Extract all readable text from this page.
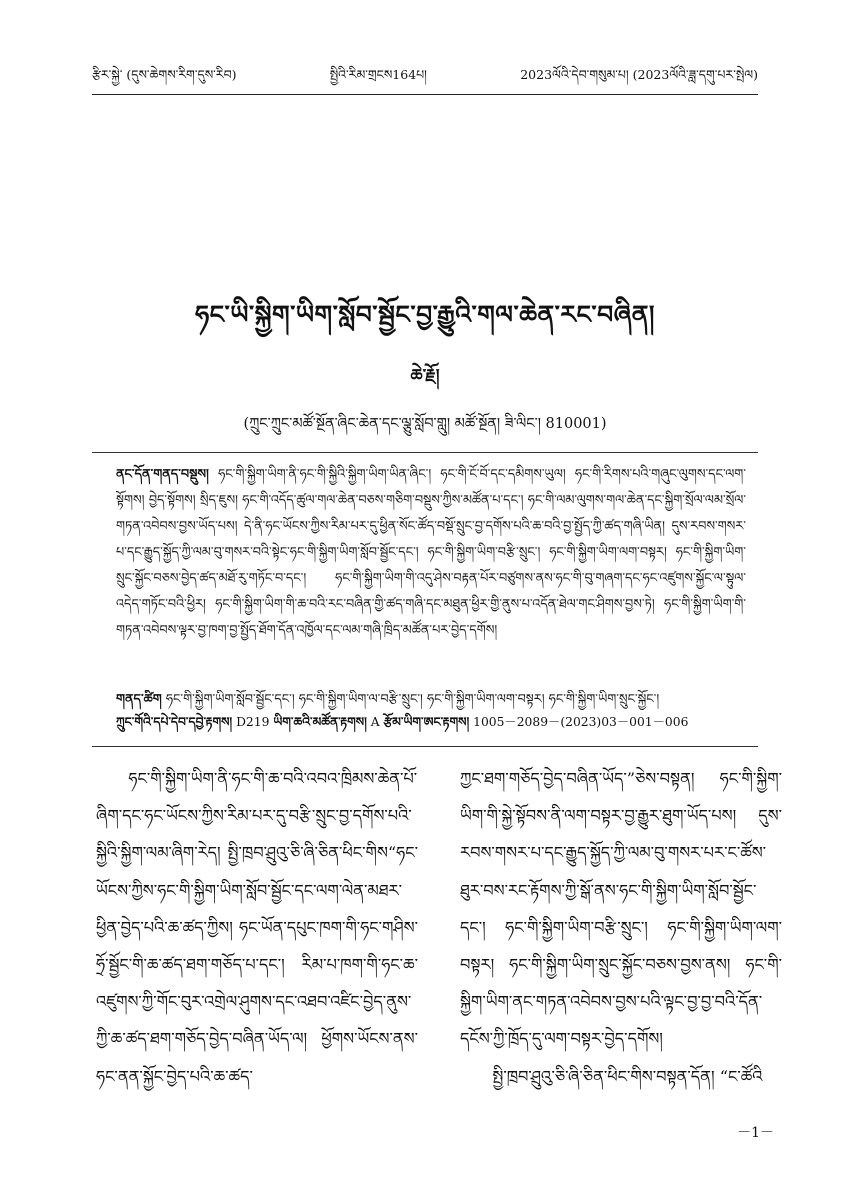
རྩིར་སྐྱེ་ (དུས་ཆེགས་རིག་དུས་རིབ)	སྤྱིའི་རིམ་གྲངས164པ།	2023ལོའི་དེབ་གསུམ་པ། (2023ལོའི་ཟླ་དགུ་པར་སྤེལ)
ཧང་ཡི་སྐྱིག་ཡིག་སློབ་སྦྱོང་བྱ་རྒྱུའི་གལ་ཆེན་རང་བཞིན།
ཆེ་རྗོ།
(ཀྲུང་ཀྲུང་མཚོ་སྔོན་ཞིང་ཆེན་དང་ལྕུ་སློབ་གླུ། མཚོ་སྔོན། ཟི་ལིང་། 810001)
ནང་དོན་གནད་བསྡུས། ཧང་གི་སྐྱིག་ཡིག་ནི་ཧང་གི་སྐྱིའི་སྐྱིག་ཡིག་ཡིན་ཞིང་། ཧང་གི་ངོ་བོ་དང་དམིགས་ཡུལ། ཧང་གི་རིགས་པའི་གཞུང་ལུགས་དང་ལག་སྟོགས། བྱེད་སྟོགས། སྲིད་ཇུས། ཧང་གི་འདོད་ཚུལ་གལ་ཆེན་བཅས་གཅིག་བསྡུས་ཀྱིས་མཚོན་པ་དང་། ཧང་གི་ལམ་ལུགས་གལ་ཆེན་དང་སྐྱིག་སྲོལ་ལམ་སྲོལ་གཏན་འབེབས་བྱས་ཡོད་པས། དེ་ནི་ཧང་ཡོངས་ཀྱིས་རིམ་པར་དུ་ཕྱིན་སོང་ཚོད་བསྡོ་སྲུང་བྱ་དགོས་པའི་ཆ་བའི་བྱ་སྤྱོད་ཀྱི་ཚད་གཞི་ཡིན། དུས་རབས་གསར་པ་དང་རྒྱུད་སྐྱོད་ཀྱི་ལམ་བུ་གསར་བའི་སྟེང་ཧང་གི་སྐྱིག་ཡིག་སློབ་སྦྱོང་དང་། ཧང་གི་སྐྱིག་ཡིག་བརྩི་སྲུང་། ཧང་གི་སྐྱིག་ཡིག་ལག་བསྟར། ཧང་གི་སྐྱིག་ཡིག་སྲུང་སྐྱོང་བཅས་བྱེད་ཚད་མཐོ་རུ་གཏོང་བ་དང་། ཧང་གི་སྐྱིག་ཡིག་གི་འདུ་ཤེས་བརྟན་པོར་བཙུགས་ནས་ཧང་གི་བུ་གཞག་དང་ཧང་འཛུགས་སྐྱོང་ལ་སྟུལ་འདེད་གཏོང་བའི་ཕྱིར། ཧང་གི་སྐྱིག་ཡིག་གི་ཆ་བའི་རང་བཞིན་གྱི་ཚད་གཞི་དང་མཐུན་ཕྱིར་གྱི་ནུས་པ་འདོན་ཐེལ་གང་ཤིགས་བྱས་ཏེ། ཧང་གི་སྐྱིག་ཡིག་གི་གཏན་འབེབས་ལྟར་བྱ་ཁག་བྱ་སྤྱོད་ཐོག་དོན་འཁྱོལ་དང་ལམ་གཞི་ཁྲིད་མཚོན་པར་བྱེད་དགོས།
གནད་ཚིག ཧང་གི་སྐྱིག་ཡིག་སློབ་སྦྱོང་དང་། ཧང་གི་སྐྱིག་ཡིག་ལ་བརྩི་སྲུང་། ཧང་གི་སྐྱིག་ཡིག་ལག་བསྟར། ཧང་གི་སྐྱིག་ཡིག་སྲུང་སྐྱོང་།
ཀྲུང་གོའི་དཔེ་དེབ་དབྱེ་རྟགས། D219 ཡིག་ཆའི་མཚོན་རྟགས། A རྩོམ་ཡིག་ཨང་རྟགས། 1005－2089－(2023)03－001－006

ཧང་གི་སྐྱིག་ཡིག་ནི་ཧང་གི་ཆ་བའི་འབའ་ཁྲིམས་ཆེན་པོ་ཞིག་དང་ཧང་ཡོངས་ཀྱིས་རིམ་པར་དུ་བརྩི་སྲུང་བྱ་དགོས་པའི་སྐྱིའི་སྐྱིག་ལམ་ཞིག་རེད། སྤྱི་ཁྲབ་ཤྲུའུ་ཅི་ཞི་ཅིན་ཕིང་གིས“ཧང་ཡོངས་ཀྱིས་ཧང་གི་སྐྱིག་ཡིག་སློབ་སྦྱོང་དང་ལག་ལེན་མཐར་ཕྱིན་བྱེད་པའི་ཆ་ཚད་ཀྱིས། ཧང་ཡོན་དཔུང་ཁག་གི་ཧང་གཤིས་ཧྲོ་སྦྱོང་གི་ཆ་ཚད་ཐག་གཅོད་པ་དང་། རིམ་པ་ཁག་གི་ཧང་ཆ་འཛུགས་ཀྱི་གོང་བུར་འགྲེལ་ཤུགས་དང་འཐབ་འཛིང་བྱེད་ནུས་ཀྱི་ཆ་ཚད་ཐག་གཅོད་བྱེད་བཞིན་ཡོད་ལ། ཕྱོགས་ཡོངས་ནས་ཧང་ནན་སྐྱོང་བྱེད་པའི་ཆ་ཚད་

ཀྱང་ཐག་གཅོད་བྱེད་བཞིན་ཡོད་”ཅེས་བསྟན། ཧང་གི་སྐྱིག་ཡིག་གི་སྐྱེ་སྟོབས་ནི་ལག་བསྟར་བྱ་རྒྱུར་ཐུག་ཡོད་པས། དུས་རབས་གསར་པ་དང་རྒྱུད་སྐྱོད་ཀྱི་ལམ་བུ་གསར་པར་ང་ཚོས་ཐུར་བས་རང་རྟོགས་ཀྱི་སྒོ་ནས་ཧང་གི་སྐྱིག་ཡིག་སློབ་སྦྱོང་དང་། ཧང་གི་སྐྱིག་ཡིག་བརྩི་སྲུང་། ཧང་གི་སྐྱིག་ཡིག་ལག་བསྟར། ཧང་གི་སྐྱིག་ཡིག་སྲུང་སྐྱོང་བཅས་བྱས་ནས། ཧང་གི་སྐྱིག་ཡིག་ནང་གཏན་འབེབས་བྱས་པའི་ལྟང་བྱ་བྱ་བའི་དོན་དངོས་ཀྱི་ཁྲོད་དུ་ལག་བསྟར་བྱེད་དགོས།

སྤྱི་ཁྲབ་ཤྲུའུ་ཅི་ཞི་ཅིན་ཕིང་གིས་བསྟན་དོན། “ང་ཚོའི

－1－
